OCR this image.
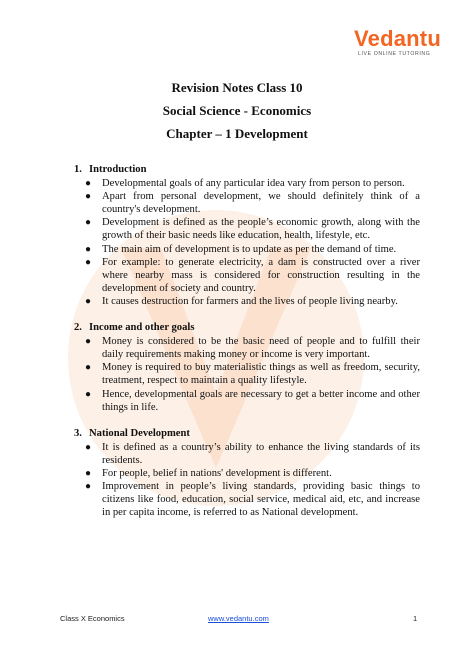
Vedantu
LIVE ONLINE TUTORING
Revision Notes Class 10
Social Science - Economics
Chapter – 1 Development
1. Introduction
● Developmental goals of any particular idea vary from person to person.
● Apart from personal development, we should definitely think of a country's development.
● Development is defined as the people’s economic growth, along with the growth of their basic needs like education, health, lifestyle, etc.
● The main aim of development is to update as per the demand of time.
● For example: to generate electricity, a dam is constructed over a river where nearby mass is considered for construction resulting in the development of society and country.
● It causes destruction for farmers and the lives of people living nearby.
2. Income and other goals
● Money is considered to be the basic need of people and to fulfill their daily requirements making money or income is very important.
● Money is required to buy materialistic things as well as freedom, security, treatment, respect to maintain a quality lifestyle.
● Hence, developmental goals are necessary to get a better income and other things in life.
3. National Development
● It is defined as a country’s ability to enhance the living standards of its residents.
● For people, belief in nations' development is different.
● Improvement in people’s living standards, providing basic things to citizens like food, education, social service, medical aid, etc, and increase in per capita income, is referred to as National development.
Class X Economics	www.vedantu.com	1
